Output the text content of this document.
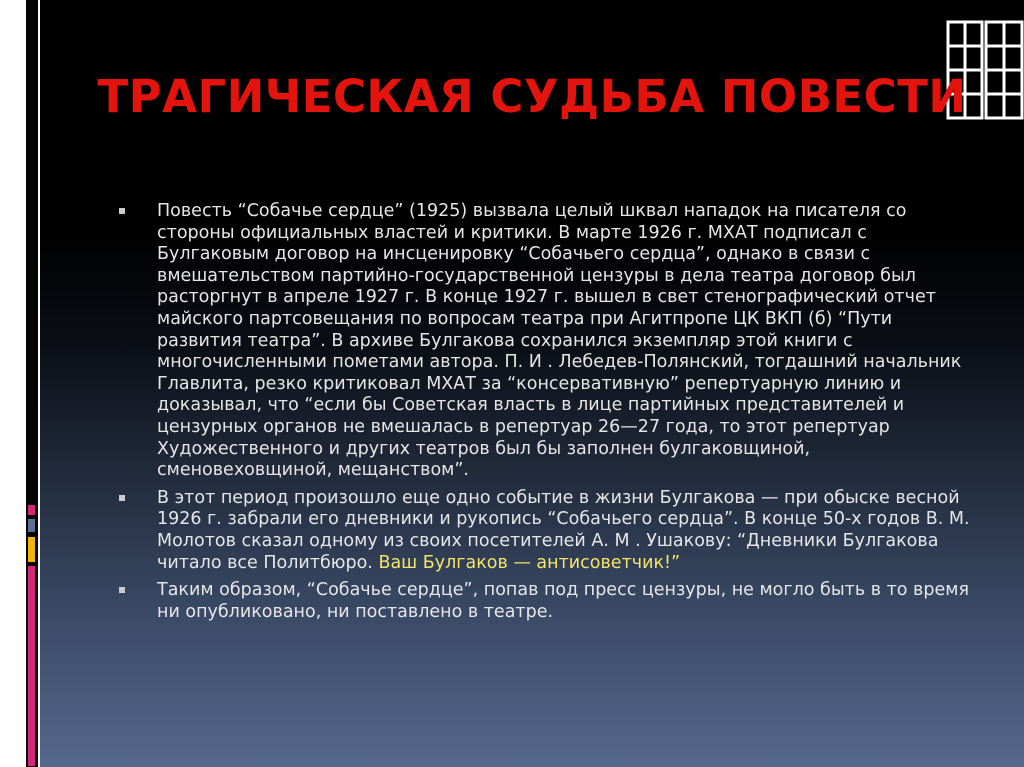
ТРАГИЧЕСКАЯ СУДЬБА ПОВЕСТИ
Повесть “Собачье сердце” (1925) вызвала целый шквал нападок на писателя со стороны официальных властей и критики. В марте 1926 г. МХАТ подписал с Булгаковым договор на инсценировку “Собачьего сердца”, однако в связи с вмешательством партийно-государственной цензуры в дела театра договор был расторгнут в апреле 1927 г. В конце 1927 г. вышел в свет стенографический отчет майского партсовещания по вопросам театра при Агитпропе ЦК ВКП (б) “Пути развития театра”. В архиве Булгакова сохранился экземпляр этой книги с многочисленными пометами автора. П. И . Лебедев-Полянский, тогдашний начальник Главлита, резко критиковал МХАТ за “консервативную” репертуарную линию и доказывал, что “если бы Советская власть в лице партийных представителей и цензурных органов не вмешалась в репертуар 26—27 года, то этот репертуар Художественного и других театров был бы заполнен булгаковщиной, сменовеховщиной, мещанством”.
В этот период произошло еще одно событие в жизни Булгакова — при обыске весной 1926 г. забрали его дневники и рукопись “Собачьего сердца”. В конце 50-х годов В. М. Молотов сказал одному из своих посетителей А. М . Ушакову: “Дневники Булгакова читало все Политбюро. Ваш Булгаков — антисоветчик!”
Таким образом, “Собачье сердце”, попав под пресс цензуры, не могло быть в то время ни опубликовано, ни поставлено в театре.
